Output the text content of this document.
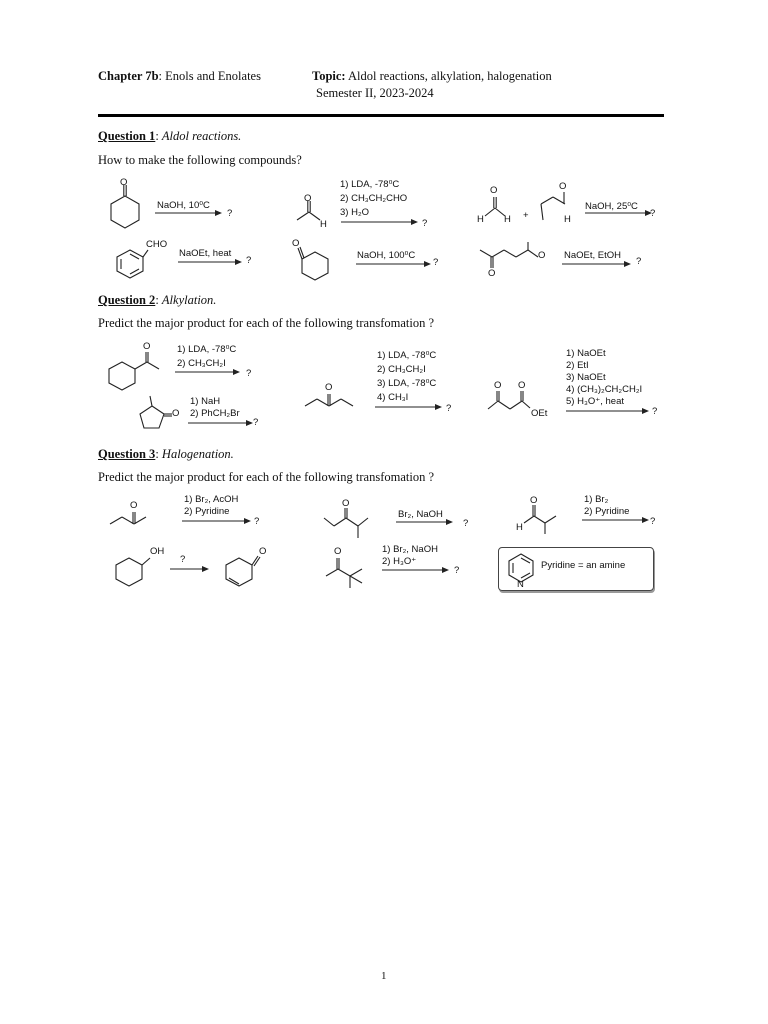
Chapter 7b: Enols and Enolates	Topic: Aldol reactions, alkylation, halogenation
Semester II, 2023-2024
Question 1: Aldol reactions.
How to make the following compounds?
O
NaOH, 10⁰C
?
O
H
1) LDA, -78⁰C
2) CH₃CH₂CHO
3) H₂O
?
O
H H +
O
H
NaOH, 25⁰C
?
CHO
NaOEt, heat
?
O
NaOH, 100⁰C
?
O
O NaOEt, EtOH
?
Question 2: Alkylation.
Predict the major product for each of the following transfomation ?
O	1) LDA, -78⁰C
2) CH₃CH₂I
?
O
1) NaH
2) PhCH₂Br
?
O
1) LDA, -78⁰C
2) CH₃CH₂I
3) LDA, -78⁰C
4) CH₃I
?
O O
OEt
1) NaOEt
2) EtI
3) NaOEt
4) (CH₃)₂CH₂CH₂I
5) H₃O⁺, heat
?
Question 3: Halogenation.
Predict the major product for each of the following transfomation ?
O
1) Br₂, AcOH
2) Pyridine
?
O
Br₂, NaOH
?
O
H
1) Br₂
2) Pyridine
?
OH
?
O	O	1) Br₂, NaOH
2) H₃O⁺
?
N
Pyridine = an amine
1
